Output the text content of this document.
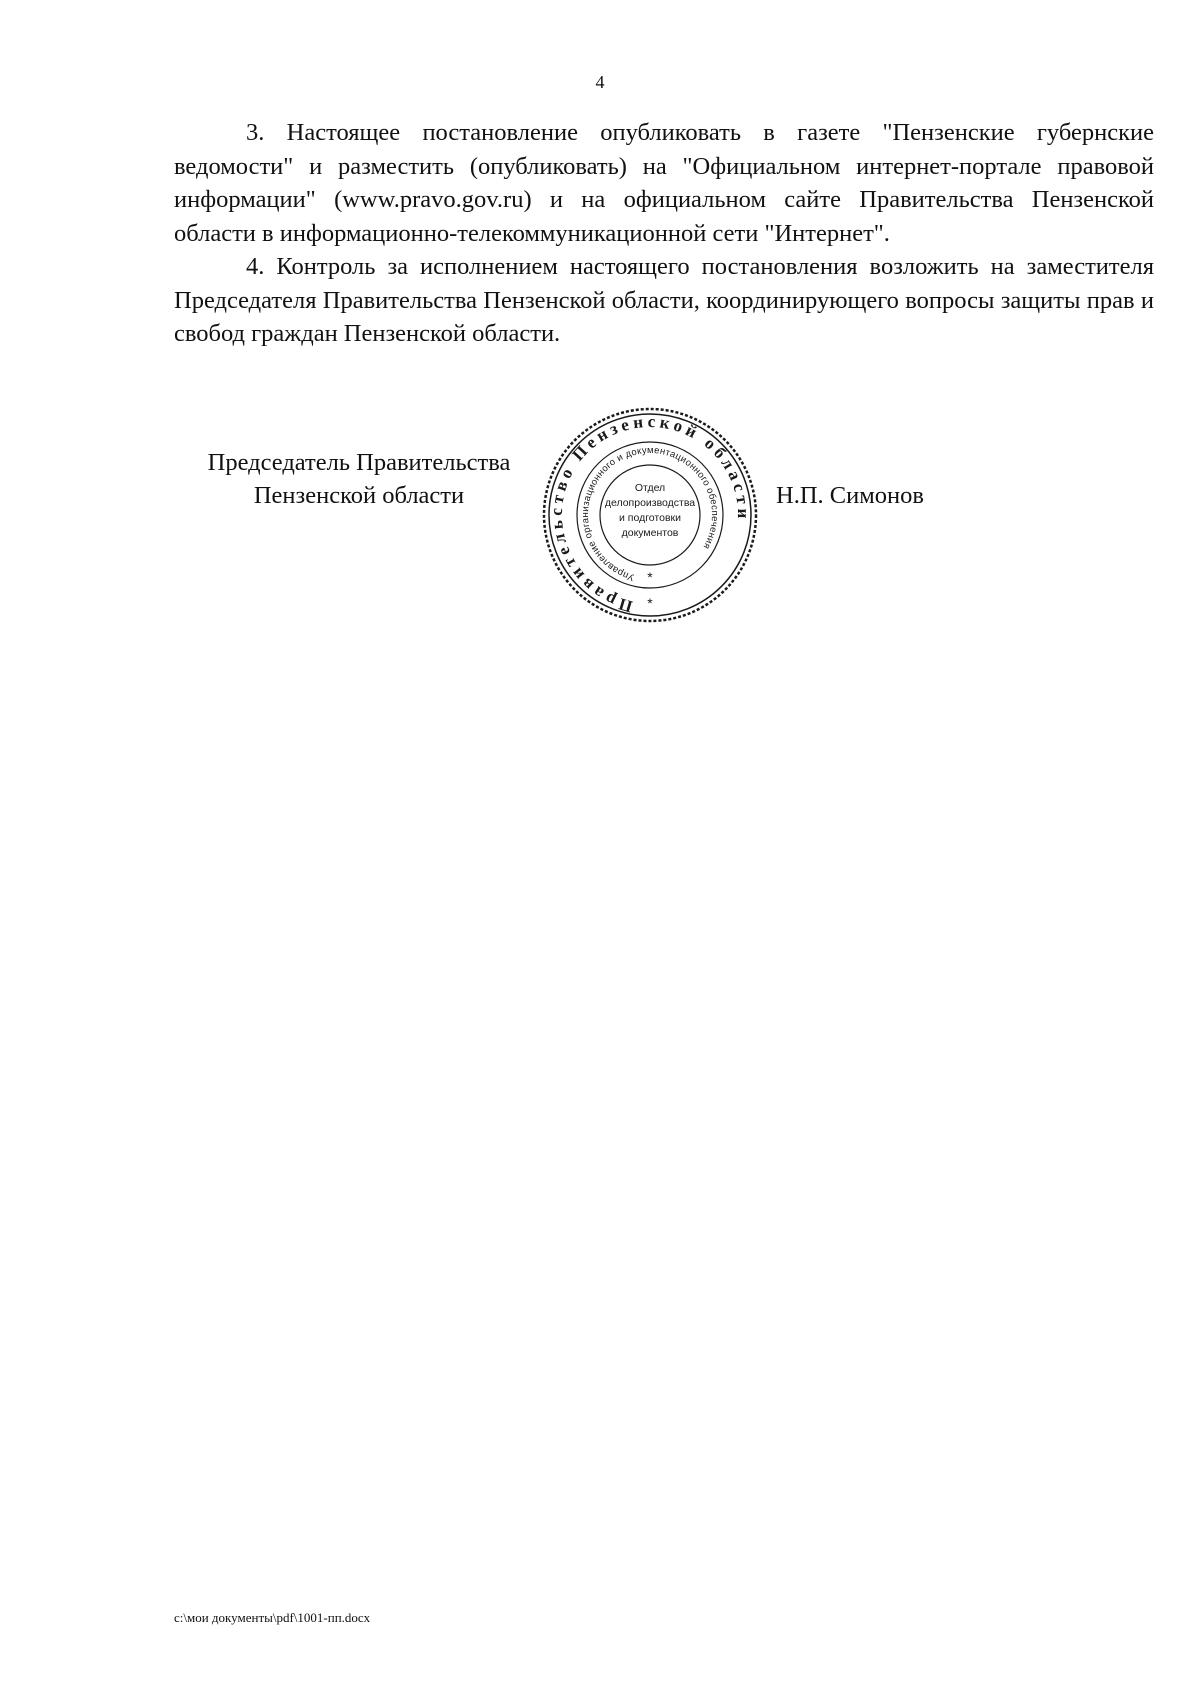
4

3. Настоящее постановление опубликовать в газете "Пензенские губернские ведомости" и разместить (опубликовать) на "Официальном интернет-портале правовой информации" (www.pravo.gov.ru) и на официальном сайте Правительства Пензенской области в информационно-телекоммуникационной сети "Интернет".

4. Контроль за исполнением настоящего постановления возложить на заместителя Председателя Правительства Пензенской области, координирующего вопросы защиты прав и свобод граждан Пензенской области.

Председатель Правительства
Пензенской области
Правительство Пензенской области
Управление организационного и документационного обеспечения
Отдел
делопроизводства
и подготовки
документов
*
*
Н.П. Симонов
c:\мои документы\pdf\1001-пп.docx
